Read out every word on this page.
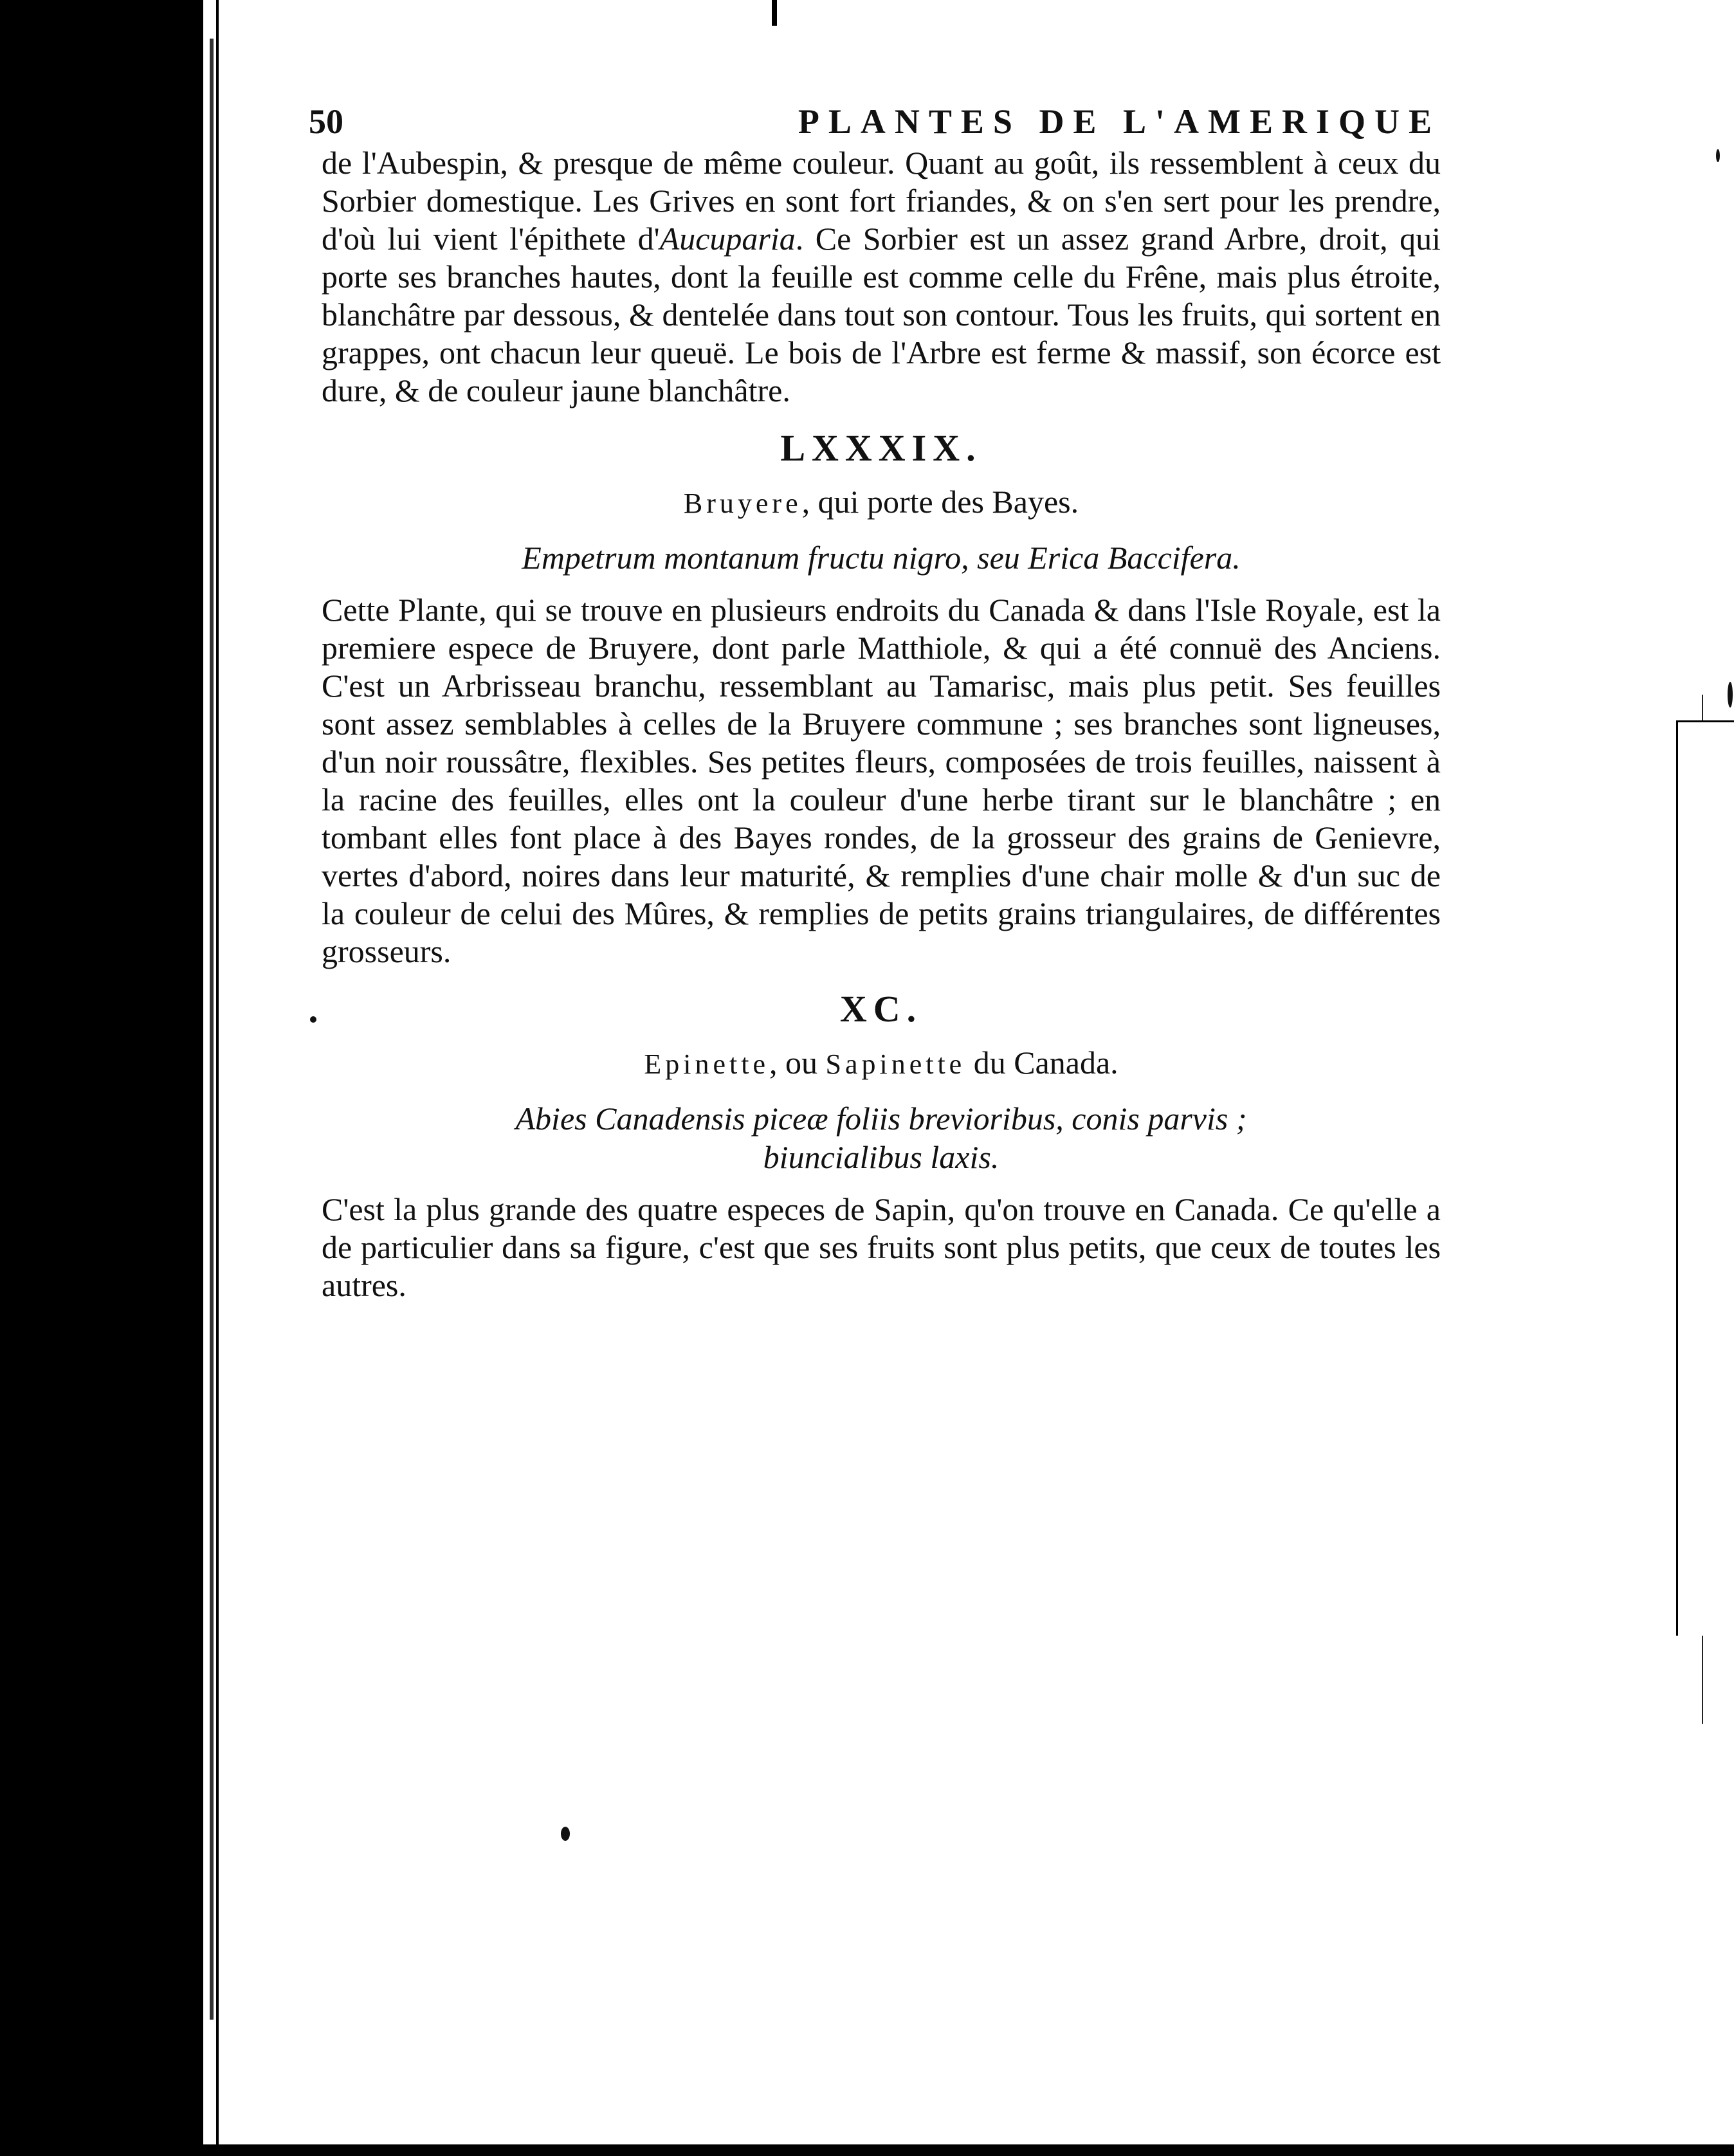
50	PLANTES DE L'AMERIQUE

de l'Aubespin, & presque de même couleur. Quant au goût, ils ressemblent à ceux du Sorbier domestique. Les Grives en sont fort friandes, & on s'en sert pour les prendre, d'où lui vient l'épithete d'Aucuparia. Ce Sorbier est un assez grand Arbre, droit, qui porte ses branches hautes, dont la feuille est comme celle du Frêne, mais plus étroite, blanchâtre par dessous, & dentelée dans tout son contour. Tous les fruits, qui sortent en grappes, ont chacun leur queuë. Le bois de l'Arbre est ferme & massif, son écorce est dure, & de couleur jaune blanchâtre.

LXXXIX.
Bruyere, qui porte des Bayes.
Empetrum montanum fructu nigro, seu Erica Baccifera.

Cette Plante, qui se trouve en plusieurs endroits du Canada & dans l'Isle Royale, est la premiere espece de Bruyere, dont parle Matthiole, & qui a été connuë des Anciens. C'est un Arbrisseau branchu, ressemblant au Tamarisc, mais plus petit. Ses feuilles sont assez semblables à celles de la Bruyere commune ; ses branches sont ligneuses, d'un noir roussâtre, flexibles. Ses petites fleurs, composées de trois feuilles, naissent à la racine des feuilles, elles ont la couleur d'une herbe tirant sur le blanchâtre ; en tombant elles font place à des Bayes rondes, de la grosseur des grains de Genievre, vertes d'abord, noires dans leur maturité, & remplies d'une chair molle & d'un suc de la couleur de celui des Mûres, & remplies de petits grains triangulaires, de différentes grosseurs.

XC.
Epinette, ou Sapinette du Canada.
Abies Canadensis piceæ foliis brevioribus, conis parvis ;
biuncialibus laxis.

C'est la plus grande des quatre especes de Sapin, qu'on trouve en Canada. Ce qu'elle a de particulier dans sa figure, c'est que ses fruits sont plus petits, que ceux de toutes les autres.
